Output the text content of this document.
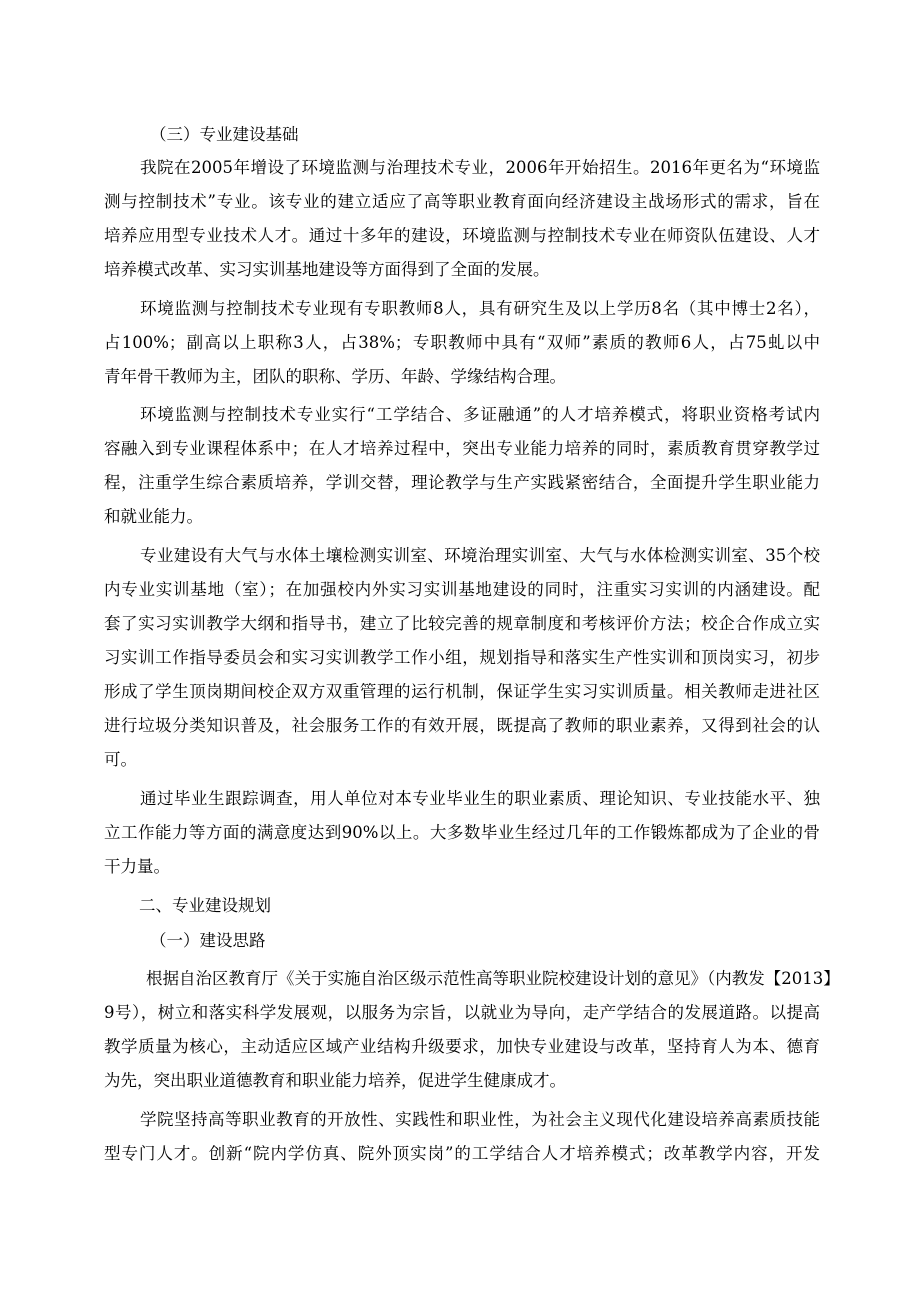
（三）专业建设基础
我院在2005年增设了环境监测与治理技术专业，2006年开始招生。2016年更名为“环境监
测与控制技术”专业。该专业的建立适应了高等职业教育面向经济建设主战场形式的需求，旨在
培养应用型专业技术人才。通过十多年的建设，环境监测与控制技术专业在师资队伍建设、人才
培养模式改革、实习实训基地建设等方面得到了全面的发展。
环境监测与控制技术专业现有专职教师8人，具有研究生及以上学历8名（其中博士2名），
占100%；副高以上职称3人，占38%；专职教师中具有“双师”素质的教师6人，占75虬以中
青年骨干教师为主，团队的职称、学历、年龄、学缘结构合理。
环境监测与控制技术专业实行“工学结合、多证融通”的人才培养模式，将职业资格考试内
容融入到专业课程体系中；在人才培养过程中，突出专业能力培养的同时，素质教育贯穿教学过
程，注重学生综合素质培养，学训交替，理论教学与生产实践紧密结合，全面提升学生职业能力
和就业能力。
专业建设有大气与水体土壤检测实训室、环境治理实训室、大气与水体检测实训室、35个校
内专业实训基地（室）；在加强校内外实习实训基地建设的同时，注重实习实训的内涵建设。配
套了实习实训教学大纲和指导书，建立了比较完善的规章制度和考核评价方法；校企合作成立实
习实训工作指导委员会和实习实训教学工作小组，规划指导和落实生产性实训和顶岗实习，初步
形成了学生顶岗期间校企双方双重管理的运行机制，保证学生实习实训质量。相关教师走进社区
进行垃圾分类知识普及，社会服务工作的有效开展，既提高了教师的职业素养，又得到社会的认
可。
通过毕业生跟踪调查，用人单位对本专业毕业生的职业素质、理论知识、专业技能水平、独
立工作能力等方面的满意度达到90%以上。大多数毕业生经过几年的工作锻炼都成为了企业的骨
干力量。
二、专业建设规划
（一）建设思路
根据自治区教育厅《关于实施自治区级示范性高等职业院校建设计划的意见》（内教发【2013】
9号），树立和落实科学发展观，以服务为宗旨，以就业为导向，走产学结合的发展道路。以提高
教学质量为核心，主动适应区域产业结构升级要求，加快专业建设与改革，坚持育人为本、德育
为先，突出职业道德教育和职业能力培养，促进学生健康成才。
学院坚持高等职业教育的开放性、实践性和职业性，为社会主义现代化建设培养高素质技能
型专门人才。创新“院内学仿真、院外顶实岗”的工学结合人才培养模式；改革教学内容，开发
